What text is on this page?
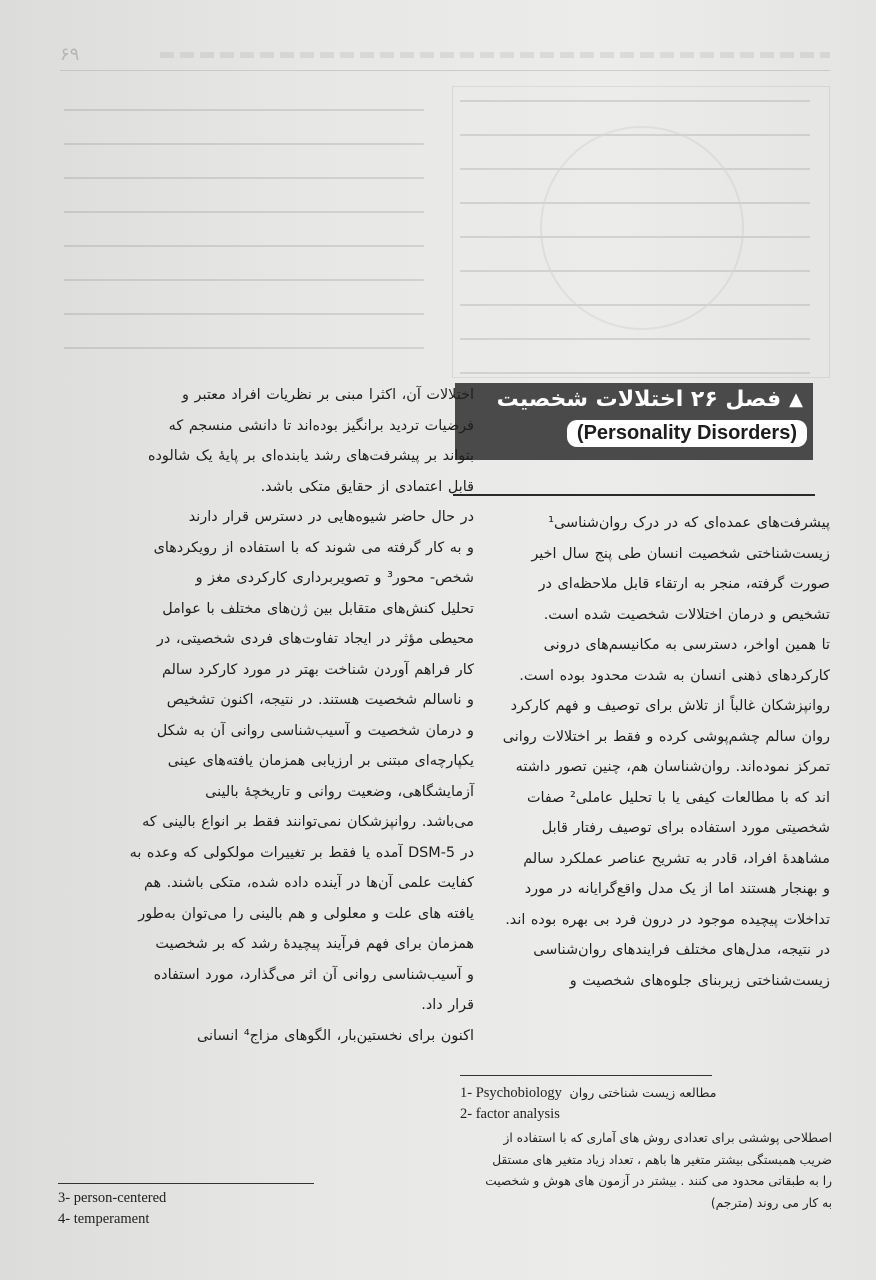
۶۹
▲
فصل ۲۶ اختلالات شخصیت
(Personality Disorders)

پیشرفت‌های عمده‌ای که در درک روان‌شناسی¹

زیست‌شناختی شخصیت انسان طی پنج سال اخیر

صورت گرفته، منجر به ارتقاء قابل ملاحظه‌ای در

تشخیص و درمان اختلالات شخصیت شده است.

تا همین اواخر، دسترسی به مکانیسم‌های درونی

کارکردهای ذهنی انسان به شدت محدود بوده است.

روانپزشکان غالباً از تلاش برای توصیف و فهم کارکرد

روان سالم چشم‌پوشی کرده و فقط بر اختلالات روانی

تمرکز نموده‌اند. روان‌شناسان هم، چنین تصور داشته

اند که با مطالعات کیفی یا با تحلیل عاملی² صفات

شخصیتی مورد استفاده برای توصیف رفتار قابل

مشاهدهٔ افراد، قادر به تشریح عناصر عملکرد سالم

و بهنجار هستند اما از یک مدل واقع‌گرایانه در مورد

تداخلات پیچیده موجود در درون فرد بی بهره بوده اند.

در نتیجه، مدل‌های مختلف فرایندهای روان‌شناسی

زیست‌شناختی زیربنای جلوه‌های شخصیت و

اختلالات آن، اکثرا مبنی بر نظریات افراد معتبر و

فرضیات تردید برانگیز بوده‌اند تا دانشی منسجم که

بتواند بر پیشرفت‌های رشد یابنده‌ای بر پایهٔ یک شالوده

قابل اعتمادی از حقایق متکی باشد.

در حال حاضر شیوه‌هایی در دسترس قرار دارند

و به کار گرفته می شوند که با استفاده از رویکردهای

شخص- محور³ و تصویربرداری کارکردی مغز و

تحلیل کنش‌های متقابل بین ژن‌های مختلف با عوامل

محیطی مؤثر در ایجاد تفاوت‌های فردی شخصیتی، در

کار فراهم آوردن شناخت بهتر در مورد کارکرد سالم

و ناسالم شخصیت هستند. در نتیجه، اکنون تشخیص

و درمان شخصیت و آسیب‌شناسی روانی آن به شکل

یکپارچه‌ای مبتنی بر ارزیابی همزمان یافته‌های عینی

آزمایشگاهی، وضعیت روانی و تاریخچهٔ بالینی

می‌باشد. روانپزشکان نمی‌توانند فقط بر انواع بالینی که

در DSM-5 آمده یا فقط بر تغییرات مولکولی که وعده به

کفایت علمی آن‌ها در آینده داده شده، متکی باشند. هم

یافته های علت و معلولی و هم بالینی را می‌توان به‌طور

همزمان برای فهم فرآیند پیچیدهٔ رشد که بر شخصیت

و آسیب‌شناسی روانی آن اثر می‌گذارد، مورد استفاده

قرار داد.

اکنون برای نخستین‌بار، الگوهای مزاج⁴ انسانی

1- Psychobiology مطالعه زیست شناختی روان
2- factor analysis

اصطلاحی پوششی برای تعدادی روش های آماری که با استفاده از

ضریب همبستگی بیشتر متغیر ها باهم ، تعداد زیاد متغیر های مستقل

را به طبقاتی محدود می کنند . بیشتر در آزمون های هوش و شخصیت

به کار می روند (مترجم)

3- person-centered
4- temperament
